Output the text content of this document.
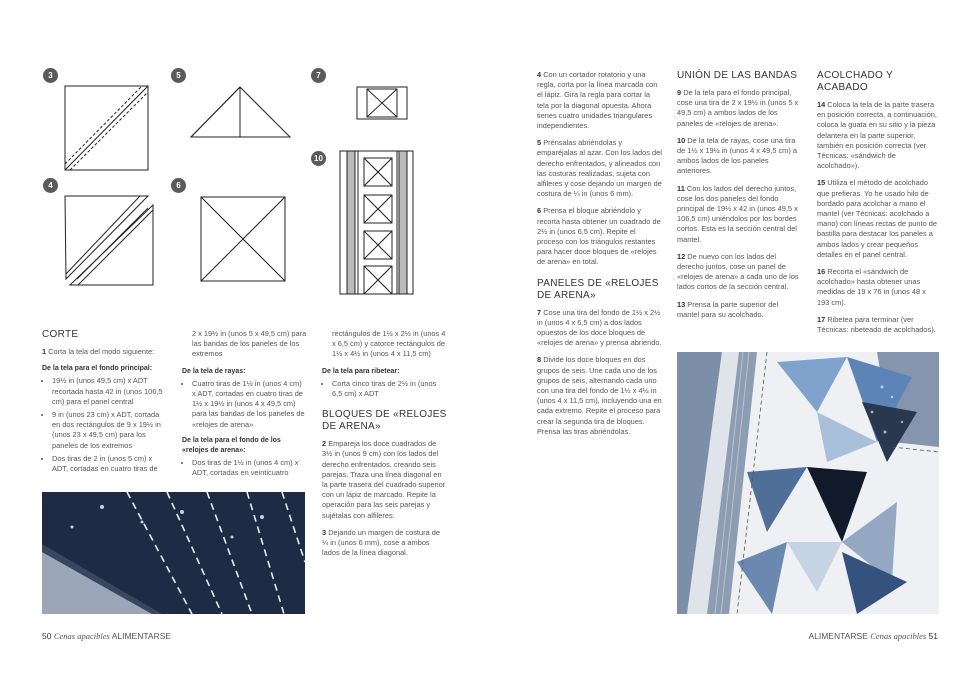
3
4
5
6
7
10
CORTE

1 Corta la tela del modo siguiente:

De la tela para el fondo principal:
• 19½ in (unos 49,5 cm) x ADT recortada hasta 42 in (unos 106,5 cm) para el panel central
• 9 in (unos 23 cm) x ADT, cortada en dos rectángulos de 9 x 19½ in (unos 23 x 49,5 cm) para los paneles de los extremos
• Dos tiras de 2 in (unos 5 cm) x ADT, cortadas en cuatro tiras de

2 x 19½ in (unos 5 x 49,5 cm) para las bandas de los paneles de los extremos

De la tela de rayas:
• Cuatro tiras de 1½ in (unos 4 cm) x ADT, cortadas en cuatro tiras de 1½ x 19½ in (unos 4 x 49,5 cm) para las bandas de los paneles de «relojes de arena»
De la tela para el fondo de los «relojes de arena»:
• Dos tiras de 1½ in (unos 4 cm) x ADT, cortadas en veinticuatro

rectángulos de 1½ x 2½ in (unos 4 x 6,5 cm) y catorce rectángulos de 1½ x 4½ in (unos 4 x 11,5 cm)

De la tela para ribetear:
• Corta cinco tiras de 2½ in (unos 6,5 cm) x ADT
BLOQUES DE «RELOJES DE ARENA»

2 Empareja los doce cuadrados de 3½ in (unos 9 cm) con los lados del derecho enfrentados, creando seis parejas. Traza una línea diagonal en la parte trasera del cuadrado superior con un lápiz de marcado. Repite la operación para las seis parejas y sujétalas con alfileres.

3 Dejando un margen de costura de ¼ in (unos 6 mm), cose a ambos lados de la línea diagonal.

50 Cenas apacibles ALIMENTARSE

4 Con un cortador rotatorio y una regla, corta por la línea marcada con el lápiz. Gira la regla para cortar la tela por la diagonal opuesta. Ahora tienes cuatro unidades triangulares independientes.

5 Prénsalas abriéndolas y emparéjalas al azar. Con los lados del derecho enfrentados, y alineados con las costuras realizadas, sujeta con alfileres y cose dejando un margen de costura de ¼ in (unos 6 mm).

6 Prensa el bloque abriéndolo y recorta hasta obtener un cuadrado de 2½ in (unos 6,5 cm). Repite el proceso con los triángulos restantes para hacer doce bloques de «relojes de arena» en total.

PANELES DE «RELOJES DE ARENA»

7 Cose una tira del fondo de 1½ x 2½ in (unos 4 x 6,5 cm) a dos lados opuestos de los doce bloques de «relojes de arena» y prensa abriendo.

8 Divide los doce bloques en dos grupos de seis. Une cada uno de los grupos de seis, alternando cada uno con una tira del fondo de 1½ x 4½ in (unos 4 x 11,5 cm), incluyendo una en cada extremo. Repite el proceso para crear la segunda tira de bloques. Prensa las tiras abriéndolas.

UNIÓN DE LAS BANDAS

9 De la tela para el fondo principal, cose una tira de 2 x 19½ in (unos 5 x 49,5 cm) a ambos lados de los paneles de «relojes de arena».

10 De la tela de rayas, cose una tira de 1½ x 19½ in (unos 4 x 49,5 cm) a ambos lados de los paneles anteriores.

11 Con los lados del derecho juntos, cose los dos paneles del fondo principal de 19½ x 42 in (unos 49,5 x 106,5 cm) uniéndolos por los bordes cortos. Esta es la sección central del mantel.

12 De nuevo con los lados del derecho juntos, cose un panel de «relojes de arena» a cada uno de los lados cortos de la sección central.

13 Prensa la parte superior del mantel para su acolchado.

ACOLCHADO Y ACABADO

14 Coloca la tela de la parte trasera en posición correcta, a continuación, coloca la guata en su sitio y la pieza delantera en la parte superior, también en posición correcta (ver Técnicas: «sándwich de acolchado»).

15 Utiliza el método de acolchado que prefieras. Yo he usado hilo de bordado para acolchar a mano el mantel (ver Técnicas: acolchado a mano) con líneas rectas de punto de bastilla para destacar los paneles a ambos lados y crear pequeños detalles en el panel central.

16 Recorta el «sándwich de acolchado» hasta obtener unas medidas de 19 x 76 in (unos 48 x 193 cm).

17 Ribetea para terminar (ver Técnicas: ribeteado de acolchados).

ALIMENTARSE Cenas apacibles 51
